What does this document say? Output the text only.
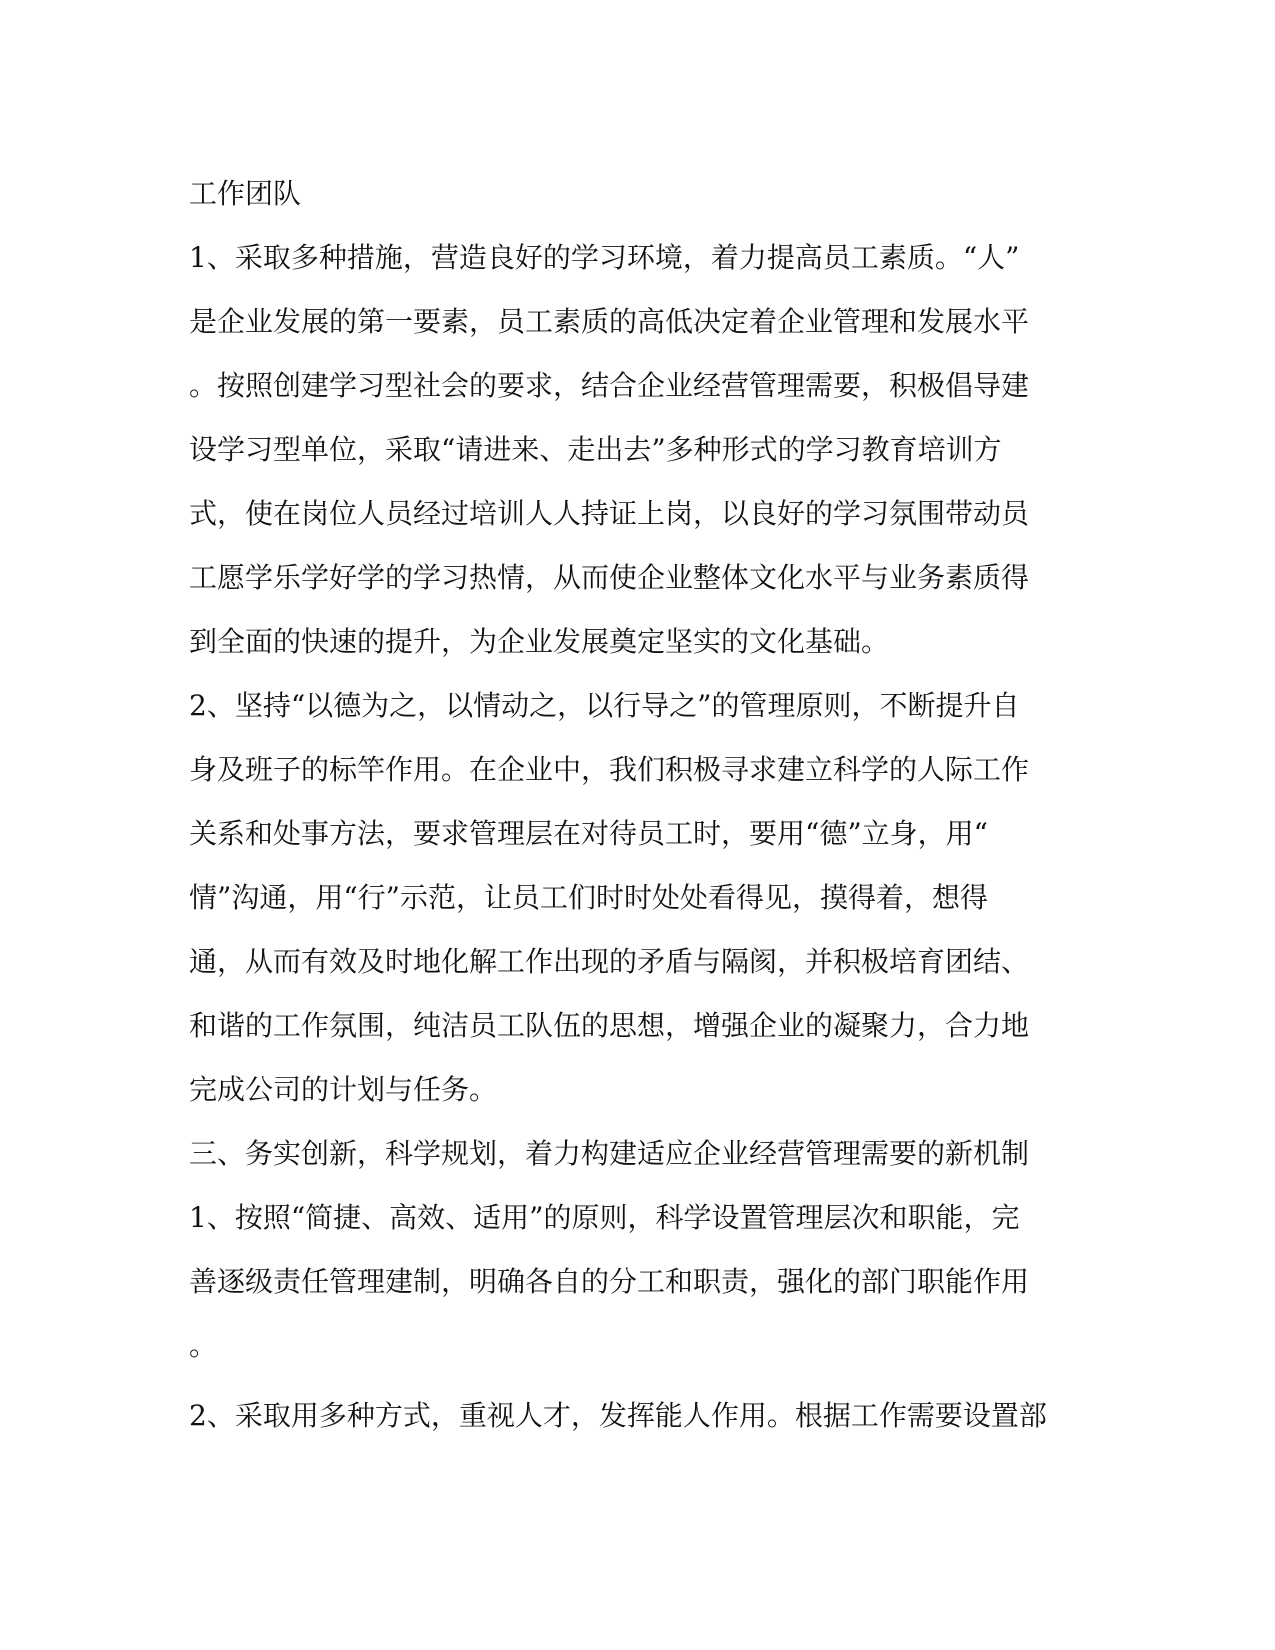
工作团队
1、采取多种措施，营造良好的学习环境，着力提高员工素质。“人”
是企业发展的第一要素，员工素质的高低决定着企业管理和发展水平
。按照创建学习型社会的要求，结合企业经营管理需要，积极倡导建
设学习型单位，采取“请进来、走出去”多种形式的学习教育培训方
式，使在岗位人员经过培训人人持证上岗，以良好的学习氛围带动员
工愿学乐学好学的学习热情，从而使企业整体文化水平与业务素质得
到全面的快速的提升，为企业发展奠定坚实的文化基础。
2、坚持“以德为之，以情动之，以行导之”的管理原则，不断提升自
身及班子的标竿作用。在企业中，我们积极寻求建立科学的人际工作
关系和处事方法，要求管理层在对待员工时，要用“德”立身，用“
情”沟通，用“行”示范，让员工们时时处处看得见，摸得着，想得
通，从而有效及时地化解工作出现的矛盾与隔阂，并积极培育团结、
和谐的工作氛围，纯洁员工队伍的思想，增强企业的凝聚力，合力地
完成公司的计划与任务。
三、务实创新，科学规划，着力构建适应企业经营管理需要的新机制
1、按照“简捷、高效、适用”的原则，科学设置管理层次和职能，完
善逐级责任管理建制，明确各自的分工和职责，强化的部门职能作用
。
2、采取用多种方式，重视人才，发挥能人作用。根据工作需要设置部
